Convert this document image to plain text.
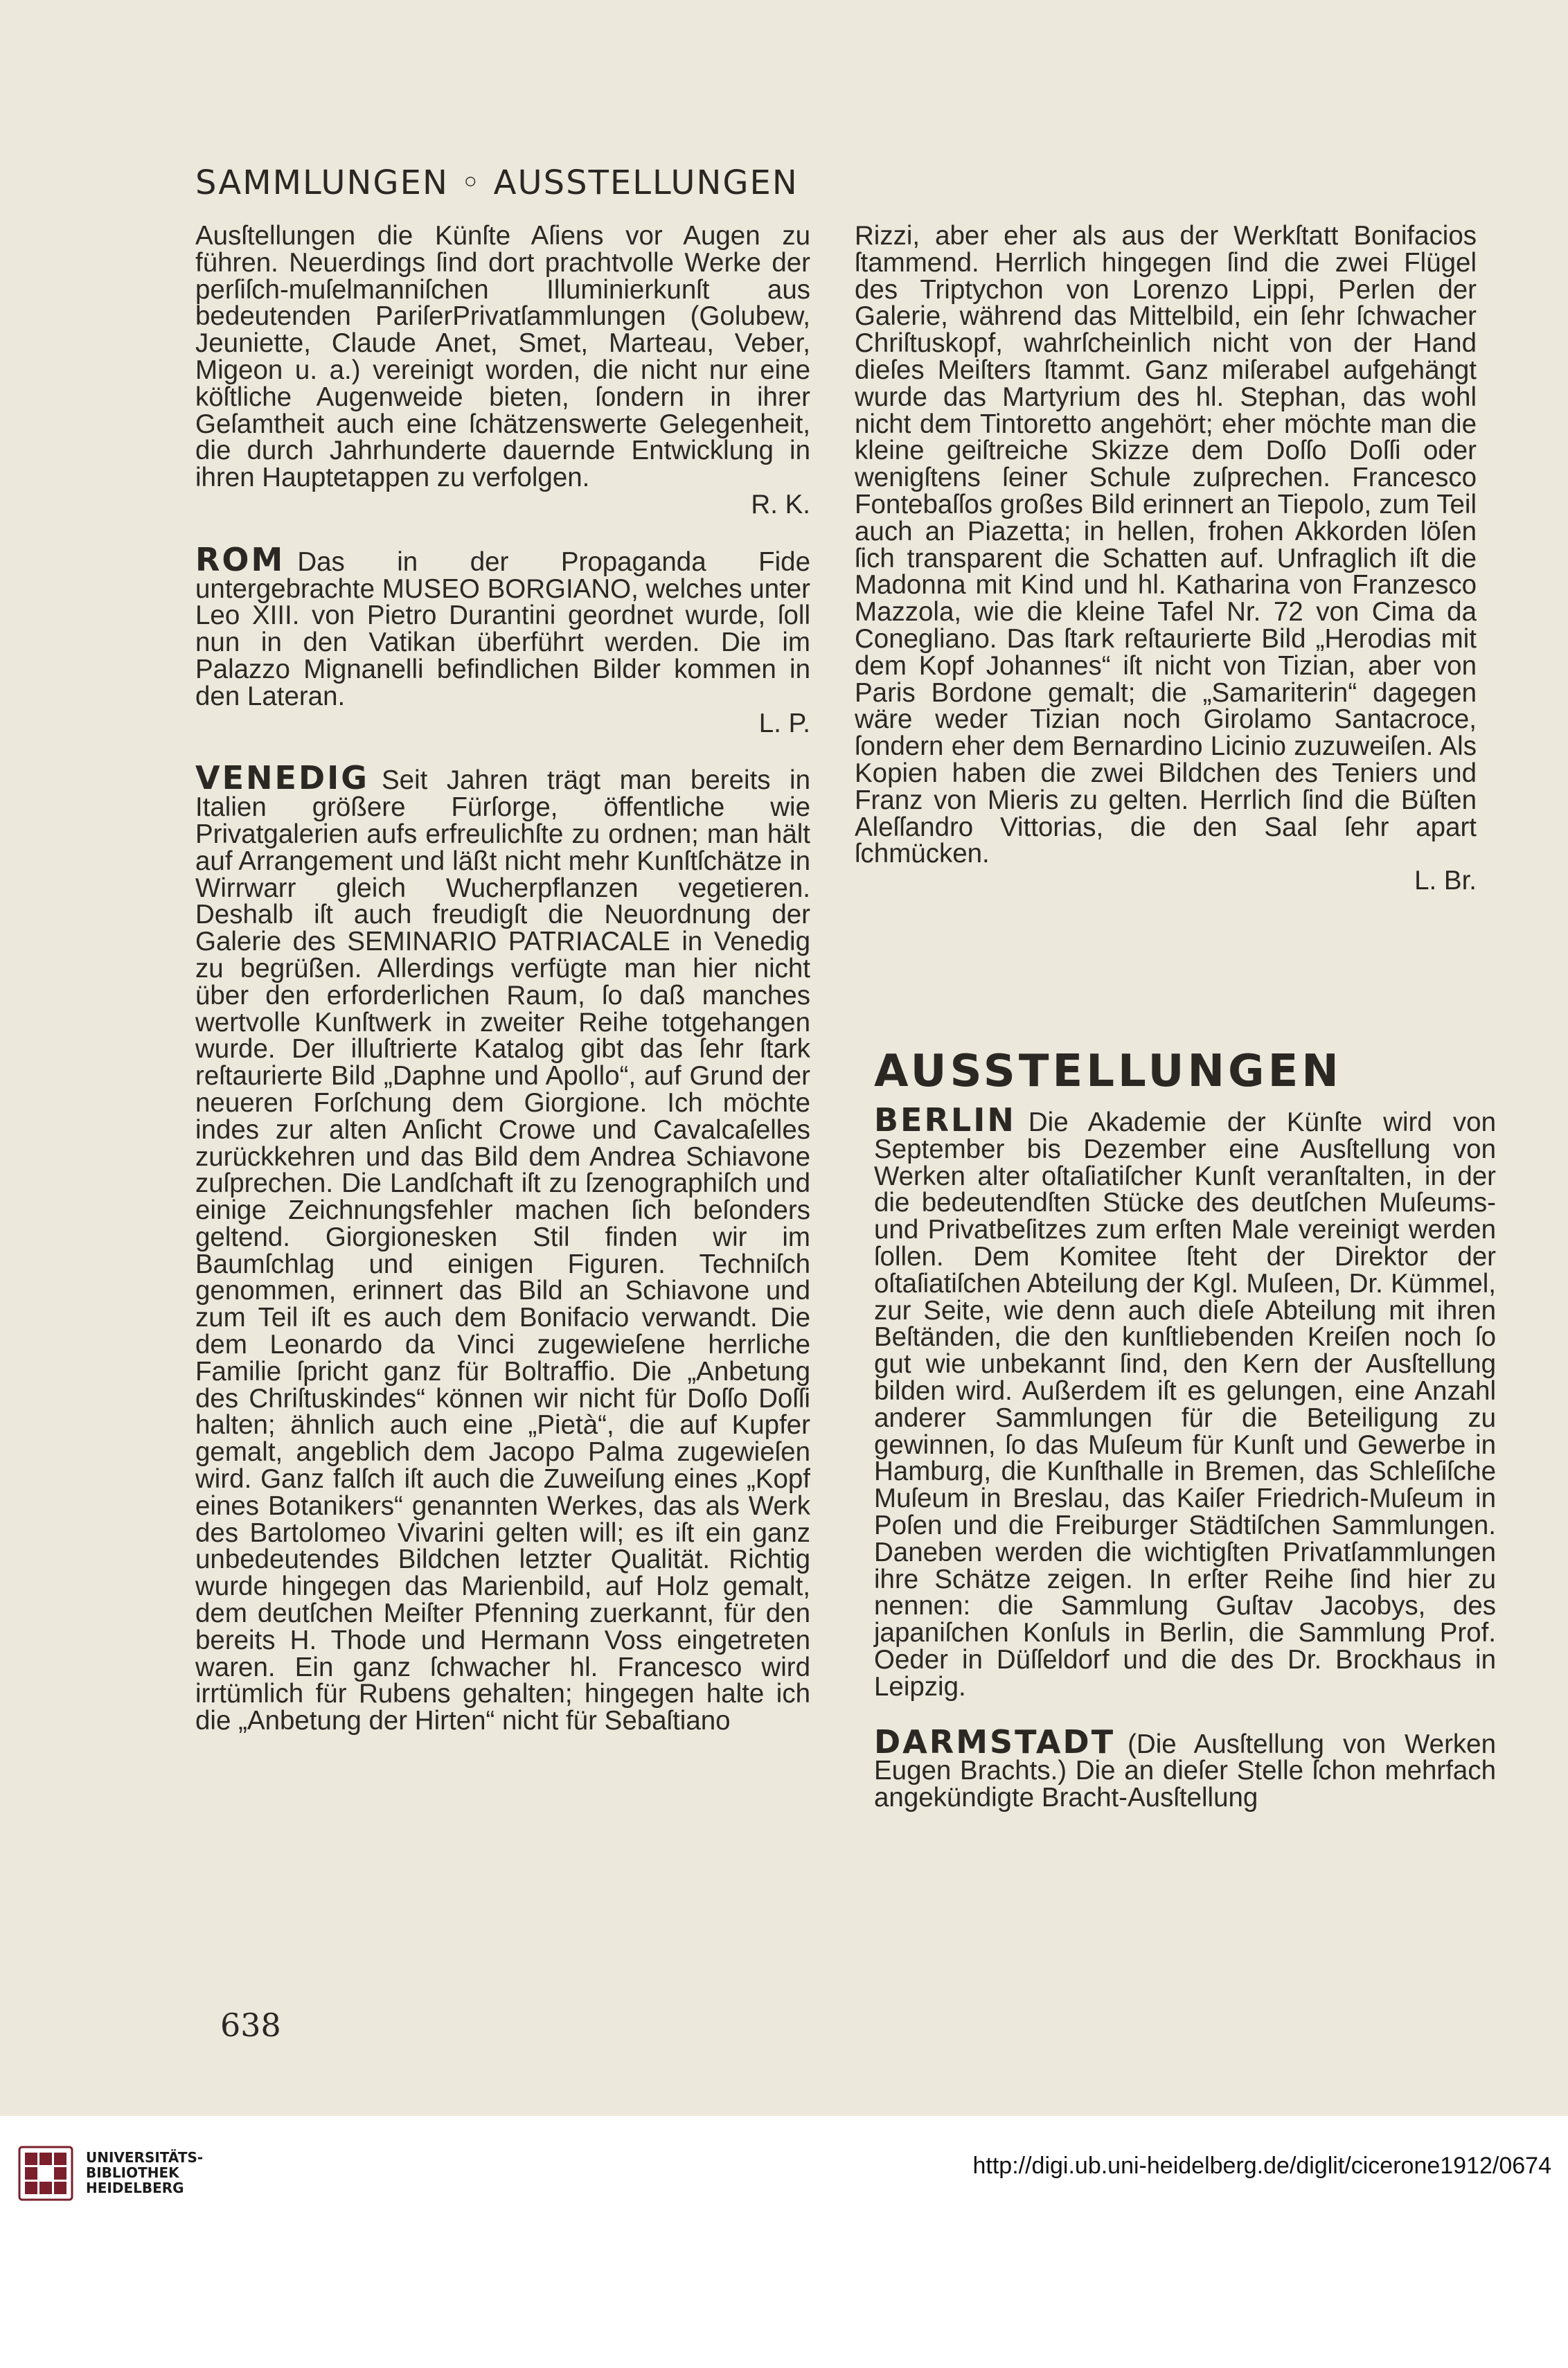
SAMMLUNGEN ◦ AUSSTELLUNGEN

Ausſtellungen die Künſte Aſiens vor Augen zu führen. Neuerdings ſind dort prachtvolle Werke der perſiſch-muſelmanniſchen Illuminierkunſt aus bedeutenden PariſerPrivatſammlungen (Golubew, Jeuniette, Claude Anet, Smet, Marteau, Veber, Migeon u. a.) vereinigt worden, die nicht nur eine köſtliche Augenweide bieten, ſondern in ihrer Geſamtheit auch eine ſchätzenswerte Gelegenheit, die durch Jahrhunderte dauernde Entwicklung in ihren Hauptetappen zu verfolgen.
R. K.

ROM Das in der Propaganda Fide untergebrachte MUSEO BORGIANO, welches unter Leo XIII. von Pietro Durantini geordnet wurde, ſoll nun in den Vatikan überführt werden. Die im Palazzo Mignanelli befindlichen Bilder kommen in den Lateran.
L. P.

VENEDIG Seit Jahren trägt man bereits in Italien größere Fürſorge, öffentliche wie Privatgalerien aufs erfreulichſte zu ordnen; man hält auf Arrangement und läßt nicht mehr Kunſtſchätze in Wirrwarr gleich Wucherpflanzen vegetieren. Deshalb iſt auch freudigſt die Neuordnung der Galerie des SEMINARIO PATRIACALE in Venedig zu begrüßen. Allerdings verfügte man hier nicht über den erforderlichen Raum, ſo daß manches wertvolle Kunſtwerk in zweiter Reihe totgehangen wurde. Der illuſtrierte Katalog gibt das ſehr ſtark reſtaurierte Bild „Daphne und Apollo“, auf Grund der neueren Forſchung dem Giorgione. Ich möchte indes zur alten Anſicht Crowe und Cavalcaſelles zurückkehren und das Bild dem Andrea Schiavone zuſprechen. Die Landſchaft iſt zu ſzenographiſch und einige Zeichnungsfehler machen ſich beſonders geltend. Giorgionesken Stil finden wir im Baumſchlag und einigen Figuren. Techniſch genommen, erinnert das Bild an Schiavone und zum Teil iſt es auch dem Bonifacio verwandt. Die dem Leonardo da Vinci zugewieſene herrliche Familie ſpricht ganz für Boltraffio. Die „Anbetung des Chriſtuskindes“ können wir nicht für Doſſo Doſſi halten; ähnlich auch eine „Pietà“, die auf Kupfer gemalt, angeblich dem Jacopo Palma zugewieſen wird. Ganz falſch iſt auch die Zuweiſung eines „Kopf eines Botanikers“ genannten Werkes, das als Werk des Bartolomeo Vivarini gelten will; es iſt ein ganz unbedeutendes Bildchen letzter Qualität. Richtig wurde hingegen das Marienbild, auf Holz gemalt, dem deutſchen Meiſter Pfenning zuerkannt, für den bereits H. Thode und Hermann Voss eingetreten waren. Ein ganz ſchwacher hl. Francesco wird irrtümlich für Rubens gehalten; hingegen halte ich die „Anbetung der Hirten“ nicht für Sebaſtiano

638

Rizzi, aber eher als aus der Werkſtatt Bonifacios ſtammend. Herrlich hingegen ſind die zwei Flügel des Triptychon von Lorenzo Lippi, Perlen der Galerie, während das Mittelbild, ein ſehr ſchwacher Chriſtuskopf, wahrſcheinlich nicht von der Hand dieſes Meiſters ſtammt. Ganz miſerabel aufgehängt wurde das Martyrium des hl. Stephan, das wohl nicht dem Tintoretto angehört; eher möchte man die kleine geiſtreiche Skizze dem Doſſo Doſſi oder wenigſtens ſeiner Schule zuſprechen. Francesco Fontebaſſos großes Bild erinnert an Tiepolo, zum Teil auch an Piazetta; in hellen, frohen Akkorden löſen ſich transparent die Schatten auf. Unfraglich iſt die Madonna mit Kind und hl. Katharina von Franzesco Mazzola, wie die kleine Tafel Nr. 72 von Cima da Conegliano. Das ſtark reſtaurierte Bild „Herodias mit dem Kopf Johannes“ iſt nicht von Tizian, aber von Paris Bordone gemalt; die „Samariterin“ dagegen wäre weder Tizian noch Girolamo Santacroce, ſondern eher dem Bernardino Licinio zuzuweiſen. Als Kopien haben die zwei Bildchen des Teniers und Franz von Mieris zu gelten. Herrlich ſind die Büſten Aleſſandro Vittorias, die den Saal ſehr apart ſchmücken.
L. Br.

AUSSTELLUNGEN

BERLIN Die Akademie der Künſte wird von September bis Dezember eine Ausſtellung von Werken alter oſtaſiatiſcher Kunſt veranſtalten, in der die bedeutendſten Stücke des deutſchen Muſeums- und Privatbeſitzes zum erſten Male vereinigt werden ſollen. Dem Komitee ſteht der Direktor der oſtaſiatiſchen Abteilung der Kgl. Muſeen, Dr. Kümmel, zur Seite, wie denn auch dieſe Abteilung mit ihren Beſtänden, die den kunſtliebenden Kreiſen noch ſo gut wie unbekannt ſind, den Kern der Ausſtellung bilden wird. Außerdem iſt es gelungen, eine Anzahl anderer Sammlungen für die Beteiligung zu gewinnen, ſo das Muſeum für Kunſt und Gewerbe in Hamburg, die Kunſthalle in Bremen, das Schleſiſche Muſeum in Breslau, das Kaiſer Friedrich-Muſeum in Poſen und die Freiburger Städtiſchen Sammlungen. Daneben werden die wichtigſten Privatſammlungen ihre Schätze zeigen. In erſter Reihe ſind hier zu nennen: die Sammlung Guſtav Jacobys, des japaniſchen Konſuls in Berlin, die Sammlung Prof. Oeder in Düſſeldorf und die des Dr. Brockhaus in Leipzig.

DARMSTADT (Die Ausſtellung von Werken Eugen Brachts.) Die an dieſer Stelle ſchon mehrfach angekündigte Bracht-Ausſtellung

UNIVERSITÄTS-
BIBLIOTHEK
HEIDELBERG
http://digi.ub.uni-heidelberg.de/diglit/cicerone1912/0674
